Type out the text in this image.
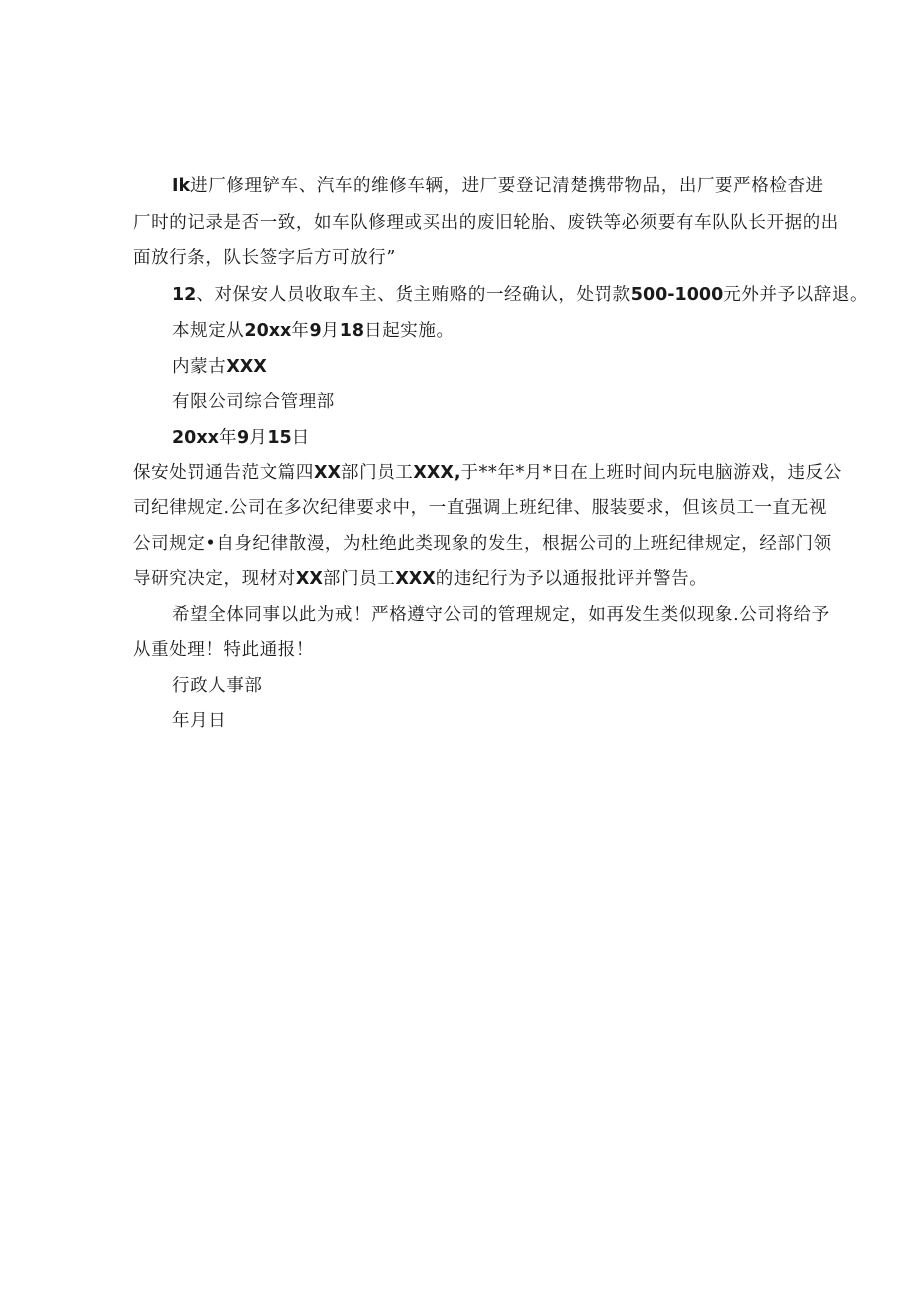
Ik进厂修理铲车、汽车的维修车辆，进厂要登记清楚携带物品，出厂要严格检杳进
厂时的记录是否一致，如车队修理或买出的废旧轮胎、废铁等必须要有车队队长开据的出
面放行条，队长签字后方可放行”
12、对保安人员收取车主、货主贿赂的一经确认，处罚款500-1000元外并予以辞退。
本规定从20xx年9月18日起实施。
内蒙古XXX
有限公司综合管理部
20xx年9月15日
保安处罚通告范文篇四XX部门员工XXX,于**年*月*日在上班时间内玩电脑游戏，违反公
司纪律规定.公司在多次纪律要求中，一直强调上班纪律、服装要求，但该员工一直无视
公司规定•自身纪律散漫，为杜绝此类现象的发生，根据公司的上班纪律规定，经部门领
导研究决定，现材对XX部门员工XXX的违纪行为予以通报批评并警告。
希望全体同事以此为戒！严格遵守公司的管理规定，如再发生类似现象.公司将给予
从重处理！特此通报！
行政人事部
年月日
